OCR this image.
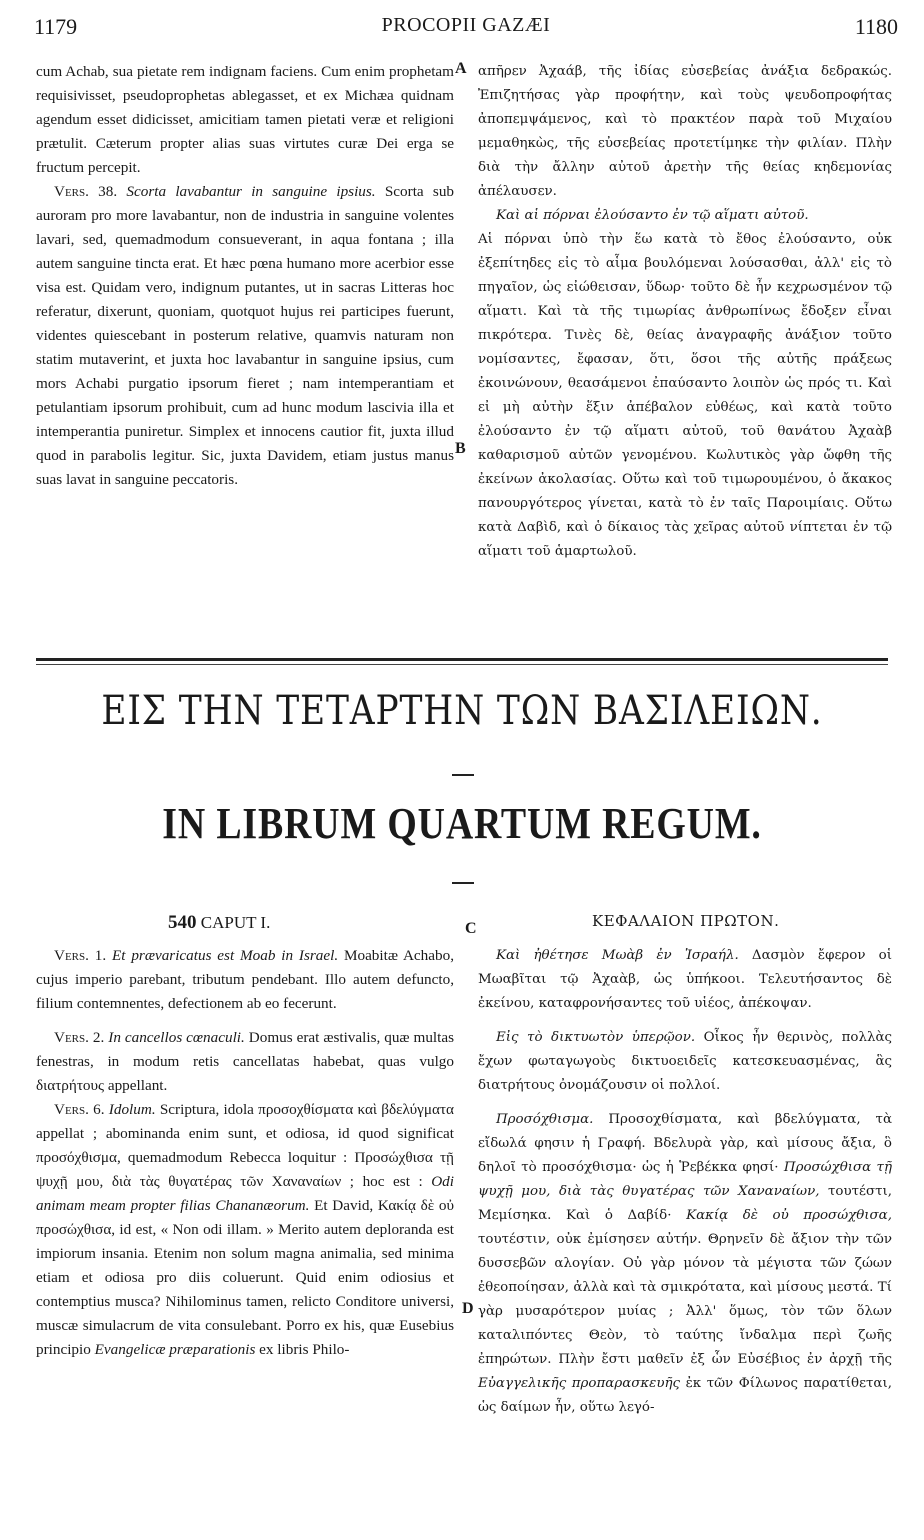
1179	PROCOPII GAZÆI	1180
A
B
C
D

cum Achab, sua pietate rem indignam faciens. Cum enim prophetam requisivisset, pseudoprophetas ablegasset, et ex Michæa quidnam agendum esset didicisset, amicitiam tamen pietati veræ et religioni prætulit. Cæterum propter alias suas virtutes curæ Dei erga se fructum percepit.

Vers. 38. Scorta lavabantur in sanguine ipsius. Scorta sub auroram pro more lavabantur, non de industria in sanguine volentes lavari, sed, quemadmodum consueverant, in aqua fontana ; illa autem sanguine tincta erat. Et hæc pœna humano more acerbior esse visa est. Quidam vero, indignum putantes, ut in sacras Litteras hoc referatur, dixerunt, quoniam, quotquot hujus rei participes fuerunt, videntes quiescebant in posterum relative, quamvis naturam non statim mutaverint, et juxta hoc lavabantur in sanguine ipsius, cum mors Achabi purgatio ipsorum fieret ; nam intemperantiam et petulantiam ipsorum prohibuit, cum ad hunc modum lascivia illa et intemperantia puniretur. Simplex et innocens cautior fit, juxta illud quod in parabolis legitur. Sic, juxta Davidem, etiam justus manus suas lavat in sanguine peccatoris.

απῆρεν Ἀχαάβ, τῆς ἰδίας εὐσεβείας ἀνάξια δεδρακώς. Ἐπιζητήσας γὰρ προφήτην, καὶ τοὺς ψευδοπροφήτας ἀποπεμψάμενος, καὶ τὸ πρακτέον παρὰ τοῦ Μιχαίου μεμαθηκὼς, τῆς εὐσεβείας προτετίμηκε τὴν φιλίαν. Πλὴν διὰ τὴν ἄλλην αὐτοῦ ἀρετὴν τῆς θείας κηδεμονίας ἀπέλαυσεν.

Καὶ αἱ πόρναι ἐλούσαντο ἐν τῷ αἵματι αὐτοῦ.

Αἱ πόρναι ὑπὸ τὴν ἕω κατὰ τὸ ἔθος ἐλούσαντο, οὐκ ἐξεπίτηδες εἰς τὸ αἷμα βουλόμεναι λούσασθαι, ἀλλ' εἰς τὸ πηγαῖον, ὡς εἰώθεισαν, ὕδωρ· τοῦτο δὲ ἦν κεχρωσμένον τῷ αἵματι. Καὶ τὰ τῆς τιμωρίας ἀνθρωπίνως ἔδοξεν εἶναι πικρότερα. Τινὲς δὲ, θείας ἀναγραφῆς ἀνάξιον τοῦτο νομίσαντες, ἔφασαν, ὅτι, ὅσοι τῆς αὐτῆς πράξεως ἐκοινώνουν, θεασάμενοι ἐπαύσαντο λοιπὸν ὡς πρός τι. Καὶ εἰ μὴ αὐτὴν ἕξιν ἀπέβαλον εὐθέως, καὶ κατὰ τοῦτο ἐλούσαντο ἐν τῷ αἵματι αὐτοῦ, τοῦ θανάτου Ἀχαὰβ καθαρισμοῦ αὐτῶν γενομένου. Κωλυτικὸς γὰρ ὤφθη τῆς ἐκείνων ἀκολασίας. Οὕτω καὶ τοῦ τιμωρουμένου, ὁ ἄκακος πανουργότερος γίνεται, κατὰ τὸ ἐν ταῖς Παροιμίαις. Οὕτω κατὰ Δαβὶδ, καὶ ὁ δίκαιος τὰς χεῖρας αὐτοῦ νίπτεται ἐν τῷ αἵματι τοῦ ἁμαρτωλοῦ.

ΕΙΣ ΤΗΝ ΤΕΤΑΡΤΗΝ ΤΩΝ ΒΑΣΙΛΕΙΩΝ.
IN LIBRUM QUARTUM REGUM.
540 CAPUT I.	ΚΕΦΑΛΑΙΟΝ ΠΡΩΤΟΝ.

Vers. 1. Et prævaricatus est Moab in Israel. Moabitæ Achabo, cujus imperio parebant, tributum pendebant. Illo autem defuncto, filium contemnentes, defectionem ab eo fecerunt.

Vers. 2. In cancellos cœnaculi. Domus erat æstivalis, quæ multas fenestras, in modum retis cancellatas habebat, quas vulgo διατρήτους appellant.

Vers. 6. Idolum. Scriptura, idola προσοχθίσματα καὶ βδελύγματα appellat ; abominanda enim sunt, et odiosa, id quod significat προσόχθισμα, quemadmodum Rebecca loquitur : Προσώχθισα τῇ ψυχῇ μου, διὰ τὰς θυγατέρας τῶν Χαναναίων ; hoc est : Odi animam meam propter filias Chananæorum. Et David, Κακίᾳ δὲ οὐ προσώχθισα, id est, « Non odi illam. » Merito autem deploranda est impiorum insania. Etenim non solum magna animalia, sed minima etiam et odiosa pro diis coluerunt. Quid enim odiosius et contemptius musca? Nihilominus tamen, relicto Conditore universi, muscæ simulacrum de vita consulebant. Porro ex his, quæ Eusebius principio Evangelicæ præparationis ex libris Philo-

Καὶ ἠθέτησε Μωὰβ ἐν Ἰσραήλ. Δασμὸν ἔφερον οἱ Μωαβῖται τῷ Ἀχαὰβ, ὡς ὑπήκοοι. Τελευτήσαντος δὲ ἐκείνου, καταφρονήσαντες τοῦ υἱέος, ἀπέκοψαν.

Εἰς τὸ δικτυωτὸν ὑπερῷον. Οἶκος ἦν θερινὸς, πολλὰς ἔχων φωταγωγοὺς δικτυοειδεῖς κατεσκευασμένας, ἃς διατρήτους ὀνομάζουσιν οἱ πολλοί.

Προσόχθισμα. Προσοχθίσματα, καὶ βδελύγματα, τὰ εἴδωλά φησιν ἡ Γραφή. Βδελυρὰ γὰρ, καὶ μίσους ἄξια, ὃ δηλοῖ τὸ προσόχθισμα· ὡς ἡ Ῥεβέκκα φησί· Προσώχθισα τῇ ψυχῇ μου, διὰ τὰς θυγατέρας τῶν Χαναναίων, τουτέστι, Μεμίσηκα. Καὶ ὁ Δαβίδ· Κακίᾳ δὲ οὐ προσώχθισα, τουτέστιν, οὐκ ἐμίσησεν αὐτήν. Θρηνεῖν δὲ ἄξιον τὴν τῶν δυσσεβῶν αλογίαν. Οὐ γὰρ μόνον τὰ μέγιστα τῶν ζώων ἐθεοποίησαν, ἀλλὰ καὶ τὰ σμικρότατα, καὶ μίσους μεστά. Τί γὰρ μυσαρότερον μυίας ; Ἀλλ' ὅμως, τὸν τῶν ὅλων καταλιπόντες Θεὸν, τὸ ταύτης ἴνδαλμα περὶ ζωῆς ἐπηρώτων. Πλὴν ἔστι μαθεῖν ἐξ ὧν Εὐσέβιος ἐν ἀρχῇ τῆς Εὐαγγελικῆς προπαρασκευῆς ἐκ τῶν Φίλωνος παρατίθεται, ὡς δαίμων ἦν, οὕτω λεγό-
